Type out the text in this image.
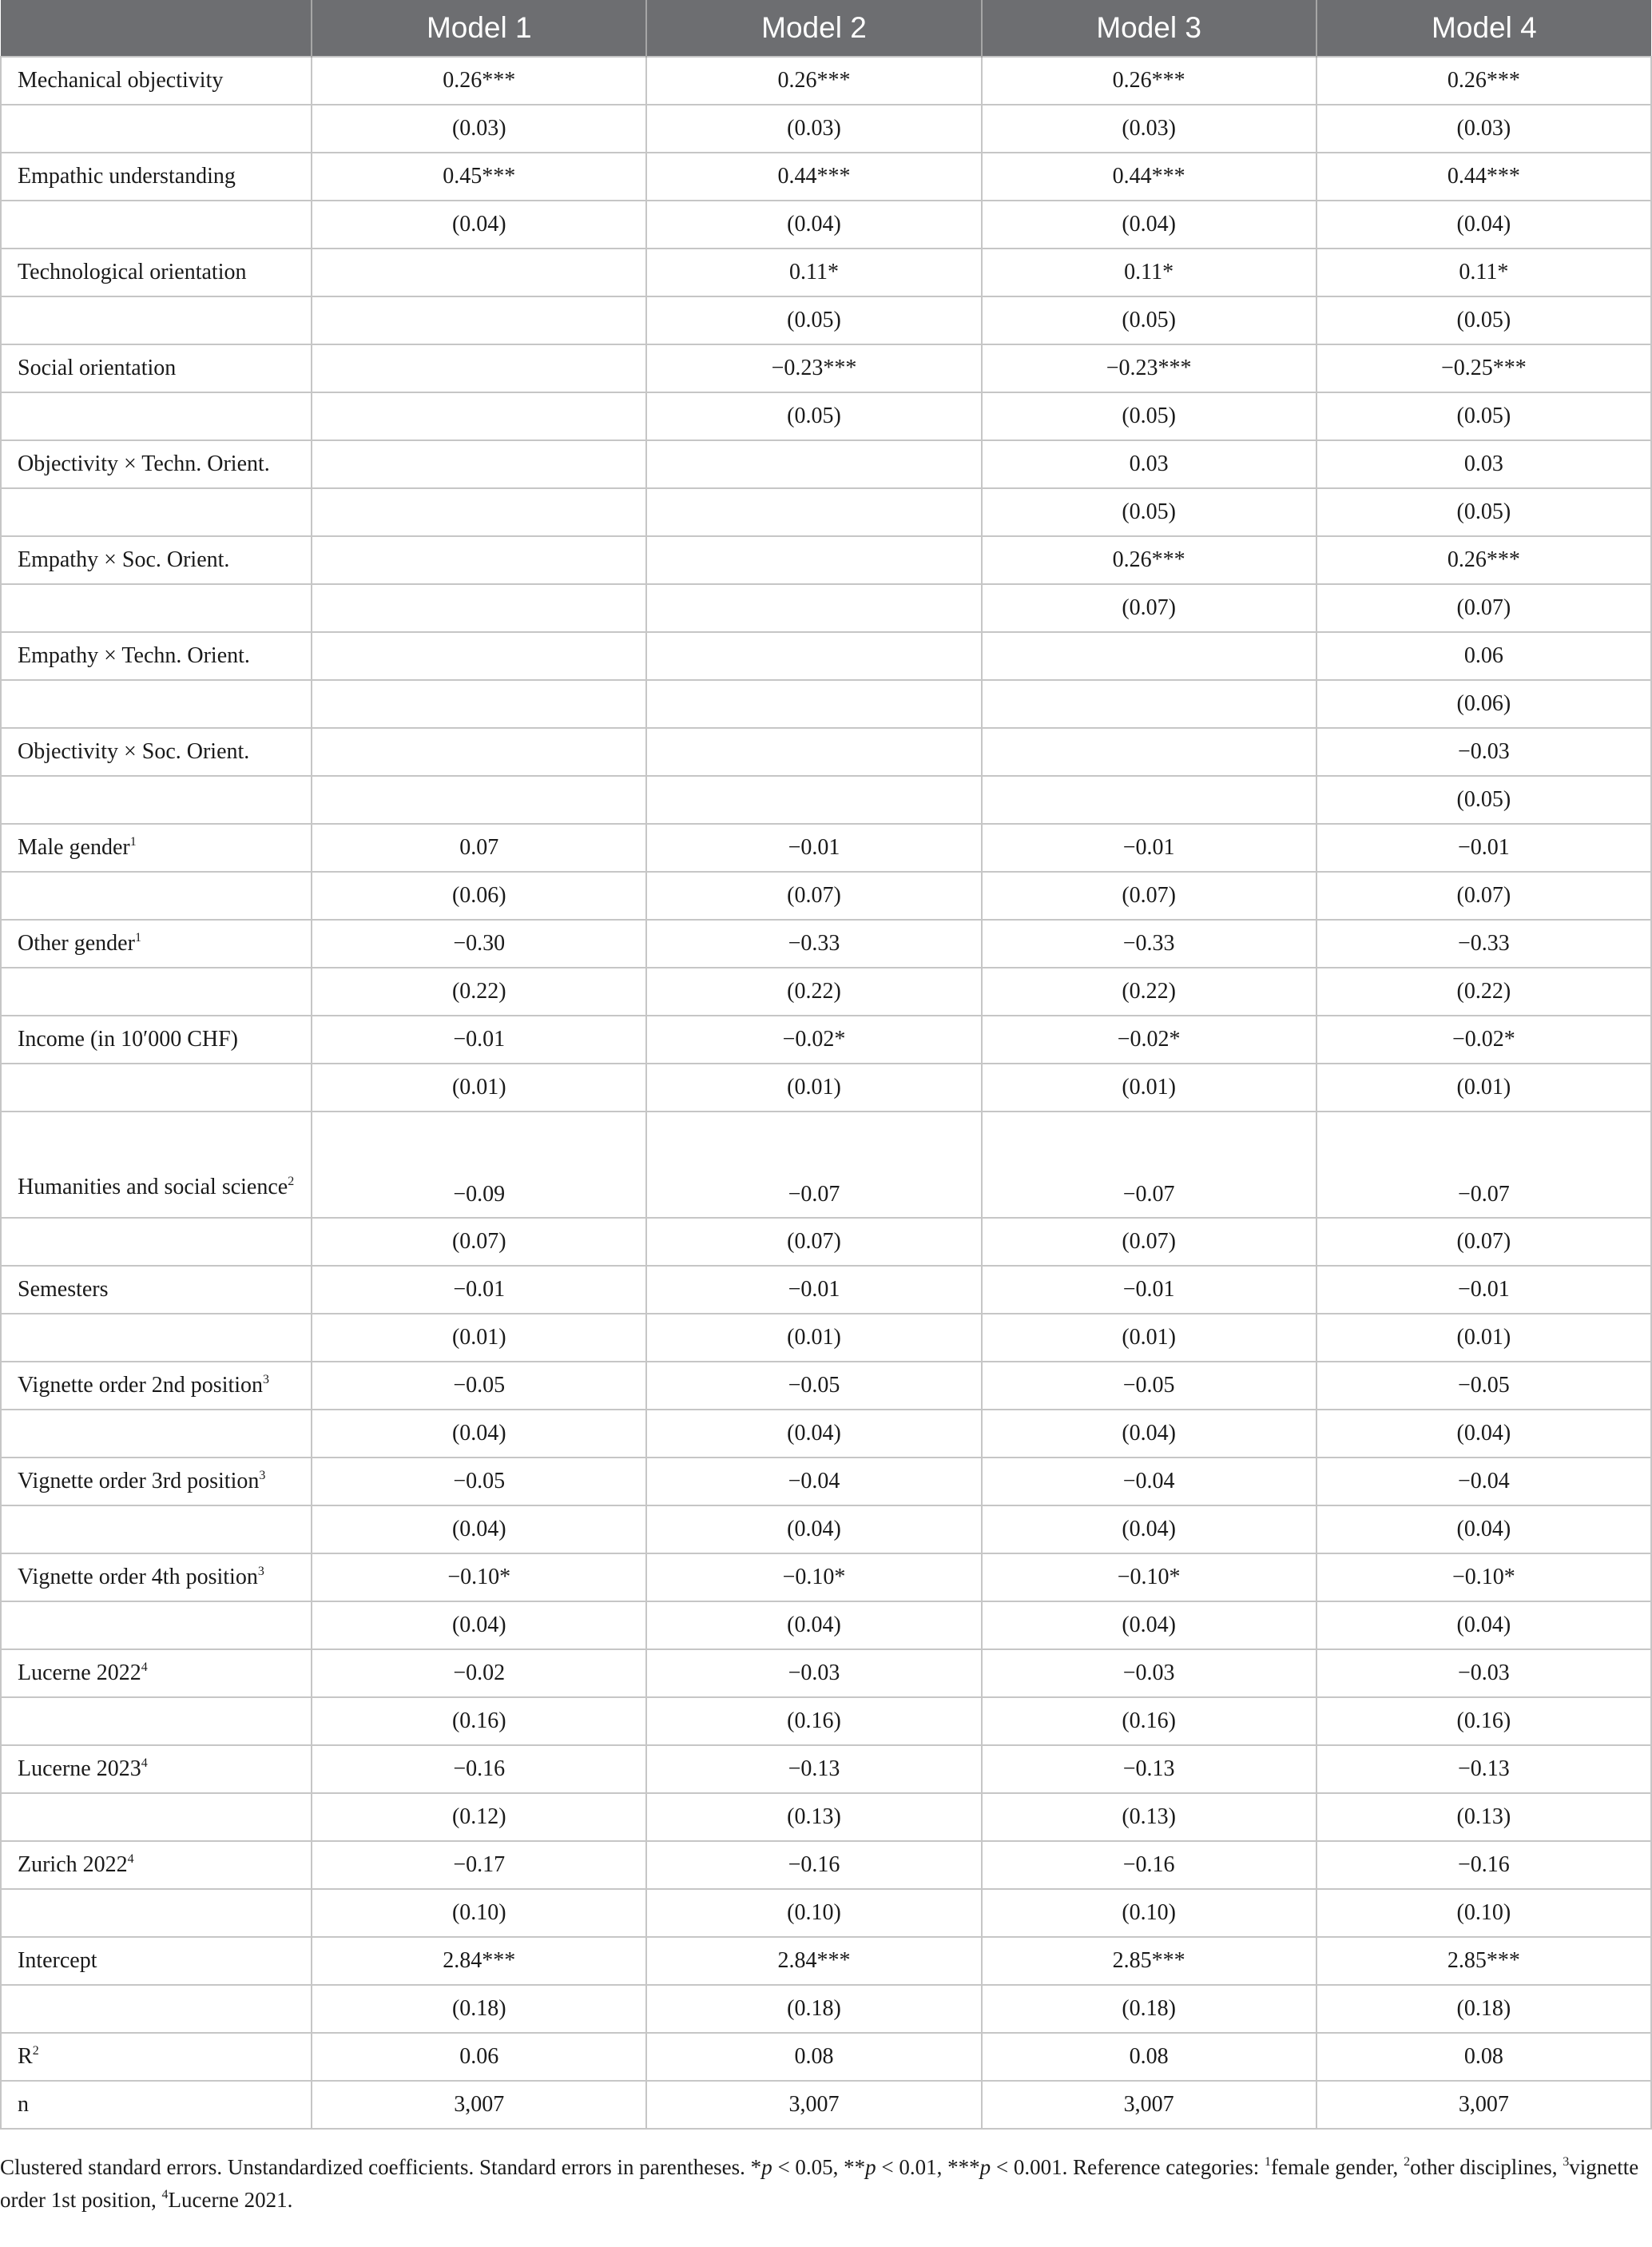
	Model 1	Model 2	Model 3	Model 4
Mechanical objectivity	0.26***	0.26***	0.26***	0.26***
	(0.03)	(0.03)	(0.03)	(0.03)
Empathic understanding	0.45***	0.44***	0.44***	0.44***
	(0.04)	(0.04)	(0.04)	(0.04)
Technological orientation		0.11*	0.11*	0.11*
		(0.05)	(0.05)	(0.05)
Social orientation		−0.23***	−0.23***	−0.25***
		(0.05)	(0.05)	(0.05)
Objectivity × Techn. Orient.			0.03	0.03
			(0.05)	(0.05)
Empathy × Soc. Orient.			0.26***	0.26***
			(0.07)	(0.07)
Empathy × Techn. Orient.				0.06
				(0.06)
Objectivity × Soc. Orient.				−0.03
				(0.05)
Male gender$^1$	0.07	−0.01	−0.01	−0.01
	(0.06)	(0.07)	(0.07)	(0.07)
Other gender$^1$	−0.30	−0.33	−0.33	−0.33
	(0.22)	(0.22)	(0.22)	(0.22)
Income (in 10′000 CHF)	−0.01	−0.02*	−0.02*	−0.02*
	(0.01)	(0.01)	(0.01)	(0.01)
Humanities and social science$^2$	−0.09	−0.07	−0.07	−0.07
	(0.07)	(0.07)	(0.07)	(0.07)
Semesters	−0.01	−0.01	−0.01	−0.01
	(0.01)	(0.01)	(0.01)	(0.01)
Vignette order 2nd position$^3$	−0.05	−0.05	−0.05	−0.05
	(0.04)	(0.04)	(0.04)	(0.04)
Vignette order 3rd position$^3$	−0.05	−0.04	−0.04	−0.04
	(0.04)	(0.04)	(0.04)	(0.04)
Vignette order 4th position$^3$	−0.10*	−0.10*	−0.10*	−0.10*
	(0.04)	(0.04)	(0.04)	(0.04)
Lucerne $2022^4$	−0.02	−0.03	−0.03	−0.03
	(0.16)	(0.16)	(0.16)	(0.16)
Lucerne $2023^4$	−0.16	−0.13	−0.13	−0.13
	(0.12)	(0.13)	(0.13)	(0.13)
Zurich $2022^4$	−0.17	−0.16	−0.16	−0.16
	(0.10)	(0.10)	(0.10)	(0.10)
Intercept	2.84***	2.84***	2.85***	2.85***
	(0.18)	(0.18)	(0.18)	(0.18)
$R^2$	0.06	0.08	0.08	0.08
n	3,007	3,007	3,007	3,007
Clustered standard errors. Unstandardized coefficients. Standard errors in parentheses. *p < 0.05, **p < 0.01, ***p < 0.001. Reference categories: $^1$female gender, $^2$other disciplines, $^3$vignette order 1st position, $^4$Lucerne 2021.
